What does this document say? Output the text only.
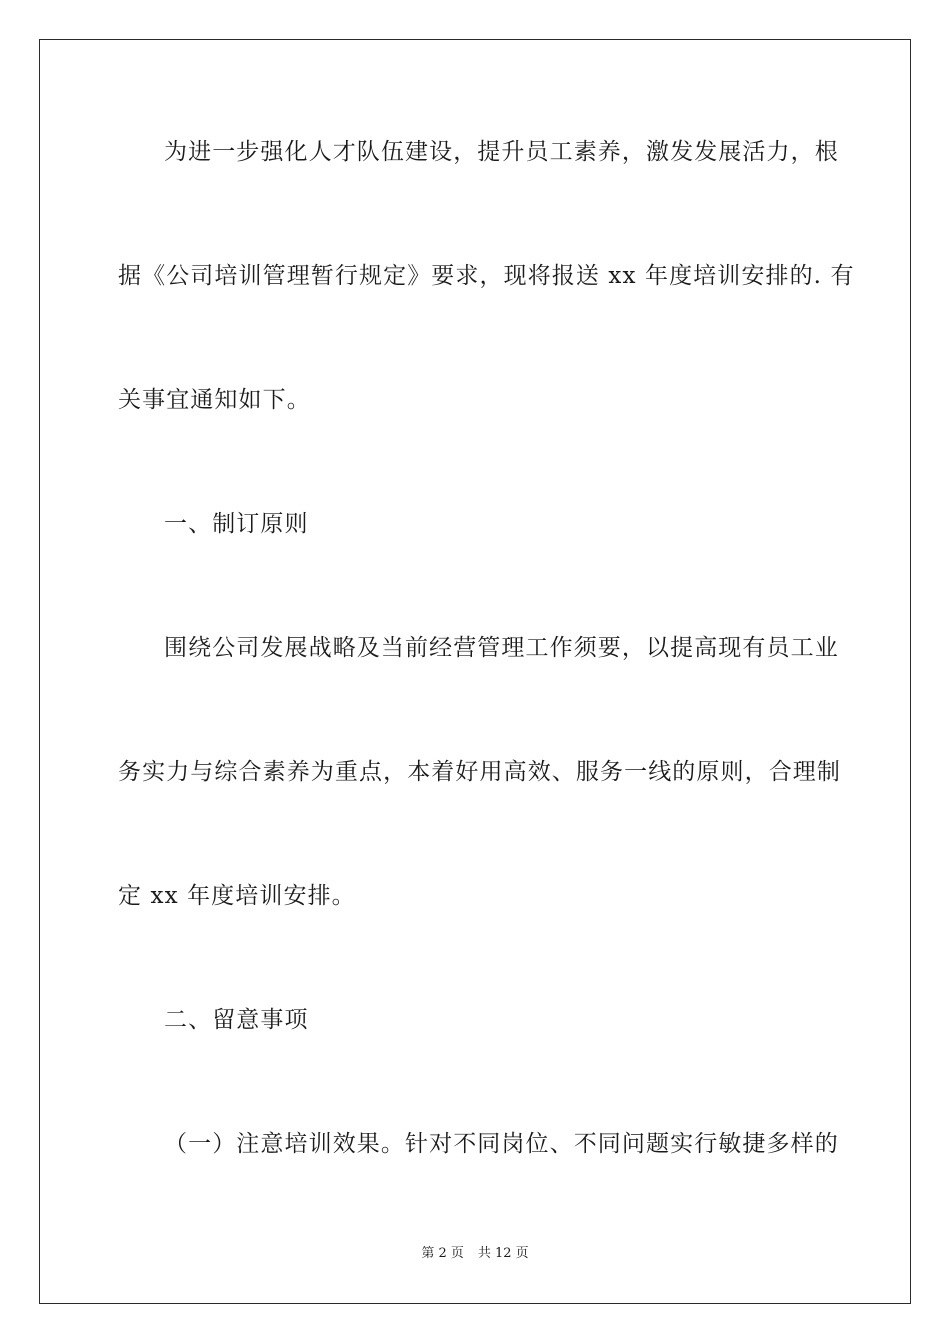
为进一步强化人才队伍建设，提升员工素养，激发发展活力，根
据《公司培训管理暂行规定》要求，现将报送 xx 年度培训安排的. 有
关事宜通知如下。
一、制订原则
围绕公司发展战略及当前经营管理工作须要，以提高现有员工业
务实力与综合素养为重点，本着好用高效、服务一线的原则，合理制
定 xx 年度培训安排。
二、留意事项
（一）注意培训效果。针对不同岗位、不同问题实行敏捷多样的
第 2 页 共 12 页
